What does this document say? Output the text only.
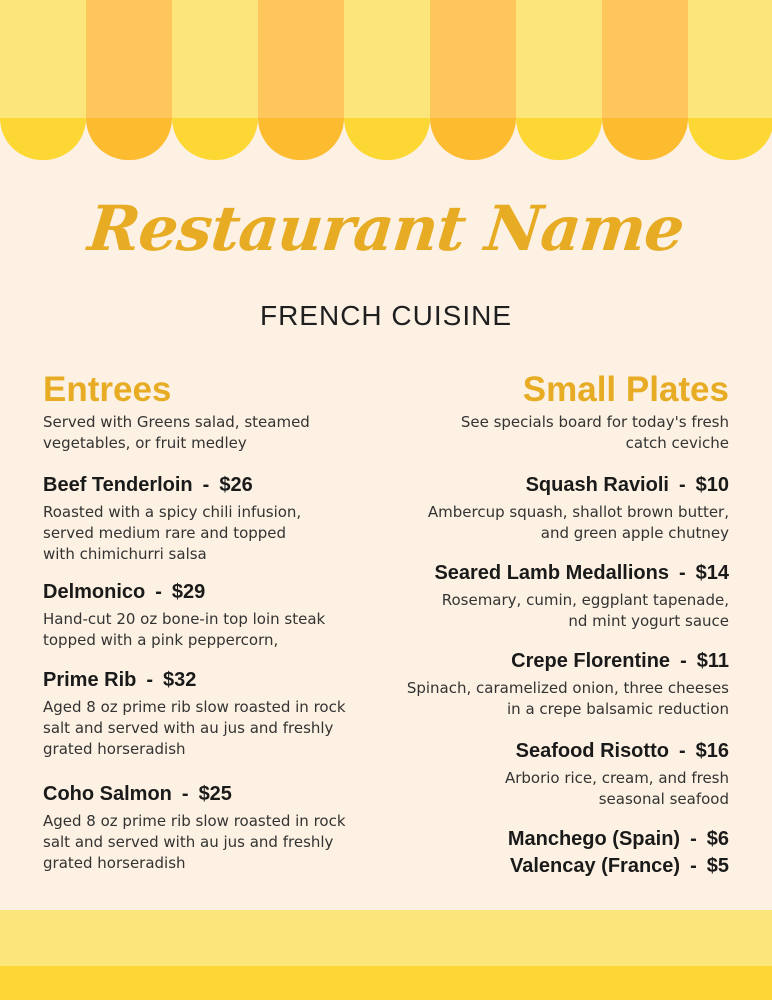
Restaurant Name
FRENCH CUISINE
Entrees
Served with Greens salad, steamed vegetables, or fruit medley
Beef Tenderloin - $26
Roasted with a spicy chili infusion, served medium rare and topped with chimichurri salsa
Delmonico - $29
Hand-cut 20 oz bone-in top loin steak topped with a pink peppercorn,
Prime Rib - $32
Aged 8 oz prime rib slow roasted in rock salt and served with au jus and freshly grated horseradish
Coho Salmon - $25
Aged 8 oz prime rib slow roasted in rock salt and served with au jus and freshly grated horseradish
Small Plates
See specials board for today's fresh catch ceviche
Squash Ravioli - $10
Ambercup squash, shallot brown butter, and green apple chutney
Seared Lamb Medallions - $14
Rosemary, cumin, eggplant tapenade, nd mint yogurt sauce
Crepe Florentine - $11
Spinach, caramelized onion, three cheeses in a crepe balsamic reduction
Seafood Risotto - $16
Arborio rice, cream, and fresh seasonal seafood
Manchego (Spain) - $6
Valencay (France) - $5
